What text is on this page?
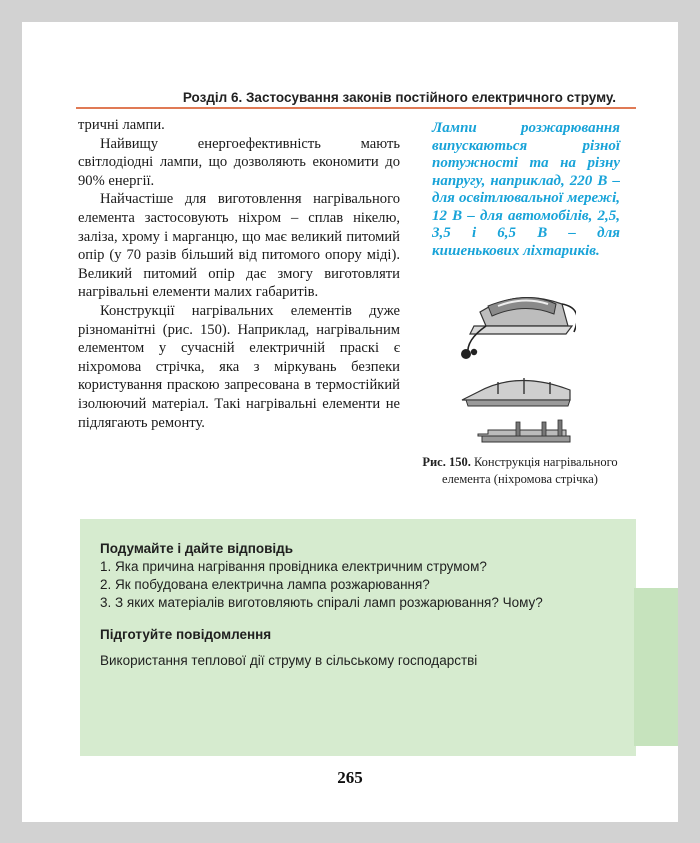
Розділ 6. Застосування законів постійного електричного струму.

тричні лампи.

Найвищу енергоефективність мають світлодіодні лампи, що дозволяють економити до 90% енергії.

Найчастіше для виготовлення нагрівального елемента застосовують ніхром – сплав нікелю, заліза, хрому і марганцю, що має великий питомий опір (у 70 разів більший від питомого опору міді). Великий питомий опір дає змогу виготовляти нагрівальні елементи малих габаритів.

Конструкції нагрівальних елементів дуже різноманітні (рис. 150). Наприклад, нагрівальним елементом у сучасній електричній праскі є ніхромова стрічка, яка з міркувань безпеки користування праскою запресована в термостійкий ізолюючий матеріал. Такі нагрівальні елементи не підлягають ремонту.

Лампи розжарювання випускаються різної потужності та на різну напругу, наприклад, 220 В – для освітлювальної мережі, 12 В – для автомобілів, 2,5, 3,5 і 6,5 В – для кишенькових ліхтариків.
Рис. 150. Конструкція нагрівального елемента (ніхромова стрічка)

Подумайте і дайте відповідь

1. Яка причина нагрівання провідника електричним струмом?

2. Як побудована електрична лампа розжарювання?

3. З яких матеріалів виготовляють спіралі ламп розжарювання? Чому?

Підготуйте повідомлення

Використання теплової дії струму в сільському господарстві

265
